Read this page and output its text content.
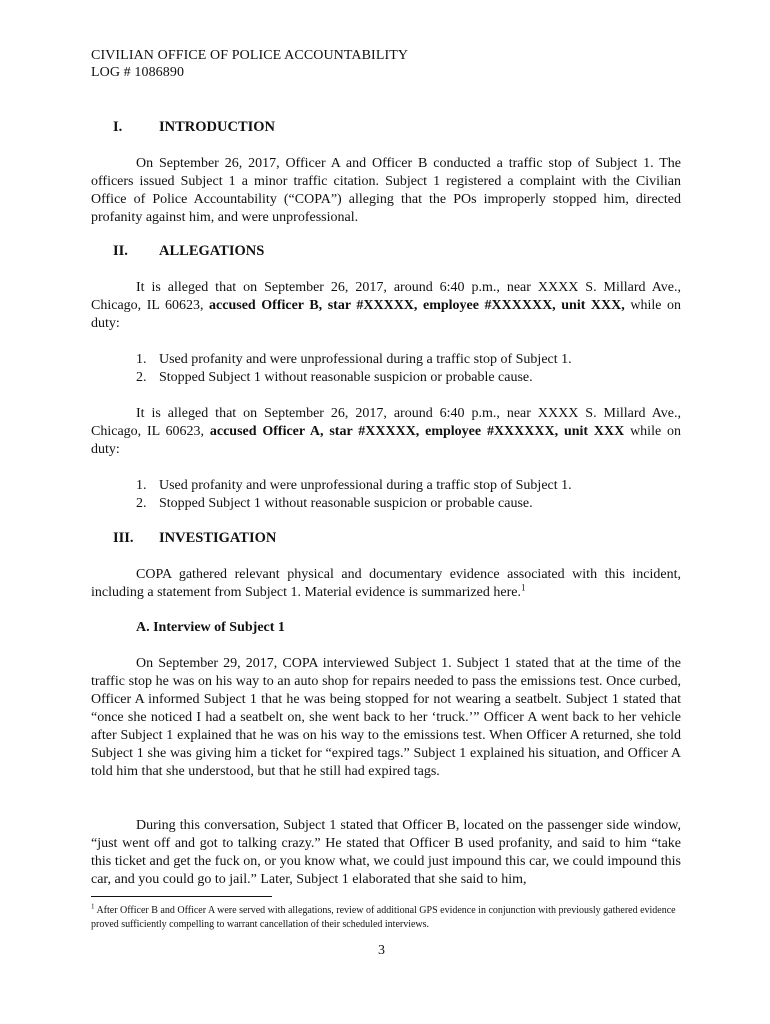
CIVILIAN OFFICE OF POLICE ACCOUNTABILITY
LOG # 1086890
I.	INTRODUCTION

On September 26, 2017, Officer A and Officer B conducted a traffic stop of Subject 1. The officers issued Subject 1 a minor traffic citation. Subject 1 registered a complaint with the Civilian Office of Police Accountability (“COPA”) alleging that the POs improperly stopped him, directed profanity against him, and were unprofessional.

II. ALLEGATIONS

It is alleged that on September 26, 2017, around 6:40 p.m., near XXXX S. Millard Ave., Chicago, IL 60623, accused Officer B, star #XXXXX, employee #XXXXXX, unit XXX, while on duty:

1. Used profanity and were unprofessional during a traffic stop of Subject 1.
2. Stopped Subject 1 without reasonable suspicion or probable cause.

It is alleged that on September 26, 2017, around 6:40 p.m., near XXXX S. Millard Ave., Chicago, IL 60623, accused Officer A, star #XXXXX, employee #XXXXXX, unit XXX while on duty:

1. Used profanity and were unprofessional during a traffic stop of Subject 1.
2. Stopped Subject 1 without reasonable suspicion or probable cause.
III. INVESTIGATION

COPA gathered relevant physical and documentary evidence associated with this incident, including a statement from Subject 1. Material evidence is summarized here.$^1$

A. Interview of Subject 1

On September 29, 2017, COPA interviewed Subject 1. Subject 1 stated that at the time of the traffic stop he was on his way to an auto shop for repairs needed to pass the emissions test. Once curbed, Officer A informed Subject 1 that he was being stopped for not wearing a seatbelt. Subject 1 stated that “once she noticed I had a seatbelt on, she went back to her ‘truck.’” Officer A went back to her vehicle after Subject 1 explained that he was on his way to the emissions test. When Officer A returned, she told Subject 1 she was giving him a ticket for “expired tags.” Subject 1 explained his situation, and Officer A told him that she understood, but that he still had expired tags.

During this conversation, Subject 1 stated that Officer B, located on the passenger side window, “just went off and got to talking crazy.” He stated that Officer B used profanity, and said to him “take this ticket and get the fuck on, or you know what, we could just impound this car, we could impound this car, and you could go to jail.” Later, Subject 1 elaborated that she said to him,

$^1$ After Officer B and Officer A were served with allegations, review of additional GPS evidence in conjunction with previously gathered evidence proved sufficiently compelling to warrant cancellation of their scheduled interviews.
3
